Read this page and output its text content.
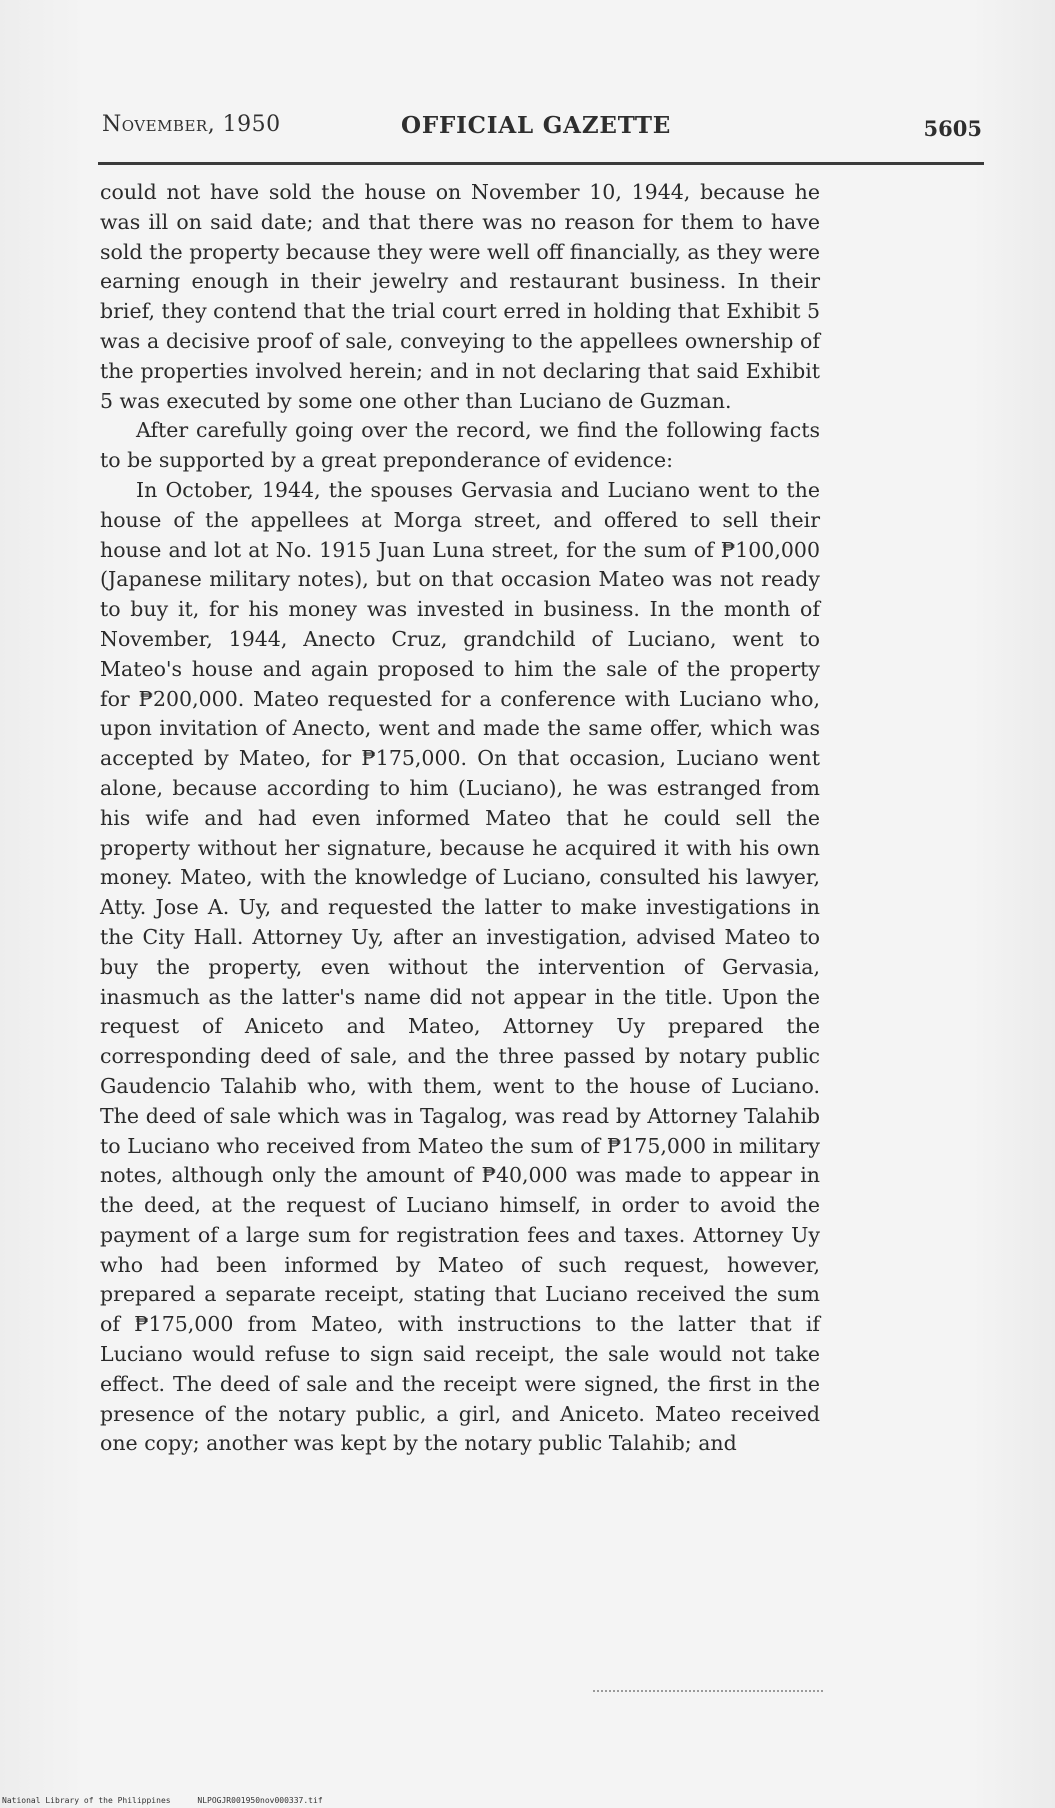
November, 1950	OFFICIAL GAZETTE	5605

could not have sold the house on November 10, 1944, because he was ill on said date; and that there was no reason for them to have sold the property because they were well off financially, as they were earning enough in their jewelry and restaurant business. In their brief, they contend that the trial court erred in holding that Exhibit 5 was a decisive proof of sale, conveying to the appellees ownership of the properties involved herein; and in not declaring that said Exhibit 5 was executed by some one other than Luciano de Guzman.

After carefully going over the record, we find the following facts to be supported by a great preponderance of evidence:

In October, 1944, the spouses Gervasia and Luciano went to the house of the appellees at Morga street, and offered to sell their house and lot at No. 1915 Juan Luna street, for the sum of ₱100,000 (Japanese military notes), but on that occasion Mateo was not ready to buy it, for his money was invested in business. In the month of November, 1944, Anecto Cruz, grandchild of Luciano, went to Mateo's house and again proposed to him the sale of the property for ₱200,000. Mateo requested for a conference with Luciano who, upon invitation of Anecto, went and made the same offer, which was accepted by Mateo, for ₱175,000. On that occasion, Luciano went alone, because according to him (Luciano), he was estranged from his wife and had even informed Mateo that he could sell the property without her signature, because he acquired it with his own money. Mateo, with the knowledge of Luciano, consulted his lawyer, Atty. Jose A. Uy, and requested the latter to make investigations in the City Hall. Attorney Uy, after an investigation, advised Mateo to buy the property, even without the intervention of Gervasia, inasmuch as the latter's name did not appear in the title. Upon the request of Aniceto and Mateo, Attorney Uy prepared the corresponding deed of sale, and the three passed by notary public Gaudencio Talahib who, with them, went to the house of Luciano. The deed of sale which was in Tagalog, was read by Attorney Talahib to Luciano who received from Mateo the sum of ₱175,000 in military notes, although only the amount of ₱40,000 was made to appear in the deed, at the request of Luciano himself, in order to avoid the payment of a large sum for registration fees and taxes. Attorney Uy who had been informed by Mateo of such request, however, prepared a separate receipt, stating that Luciano received the sum of ₱175,000 from Mateo, with instructions to the latter that if Luciano would refuse to sign said receipt, the sale would not take effect. The deed of sale and the receipt were signed, the first in the presence of the notary public, a girl, and Aniceto. Mateo received one copy; another was kept by the notary public Talahib; and

National Library of the Philippines	NLPOGJR001950nov000337.tif
